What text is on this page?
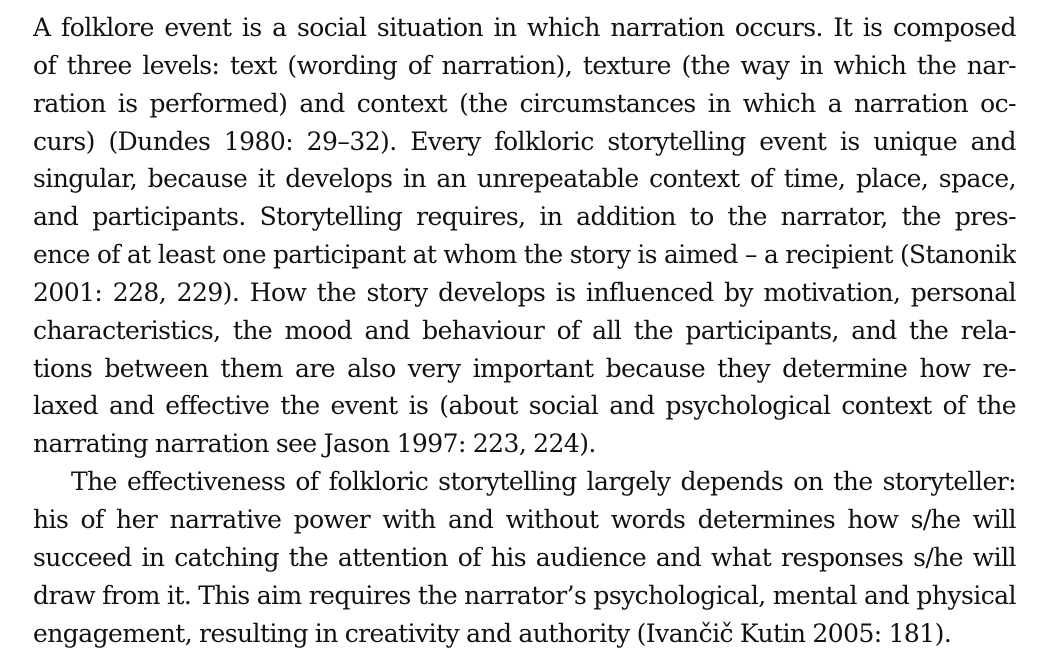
A folklore event is a social situation in which narration occurs. It is composed
of three levels: text (wording of narration), texture (the way in which the nar-
ration is performed) and context (the circumstances in which a narration oc-
curs) (Dundes 1980: 29–32). Every folkloric storytelling event is unique and
singular, because it develops in an unrepeatable context of time, place, space,
and participants. Storytelling requires, in addition to the narrator, the pres-
ence of at least one participant at whom the story is aimed – a recipient (Stanonik
2001: 228, 229). How the story develops is influenced by motivation, personal
characteristics, the mood and behaviour of all the participants, and the rela-
tions between them are also very important because they determine how re-
laxed and effective the event is (about social and psychological context of the
narrating narration see Jason 1997: 223, 224).
The effectiveness of folkloric storytelling largely depends on the storyteller:
his of her narrative power with and without words determines how s/he will
succeed in catching the attention of his audience and what responses s/he will
draw from it. This aim requires the narrator’s psychological, mental and physical
engagement, resulting in creativity and authority (Ivančič Kutin 2005: 181).
